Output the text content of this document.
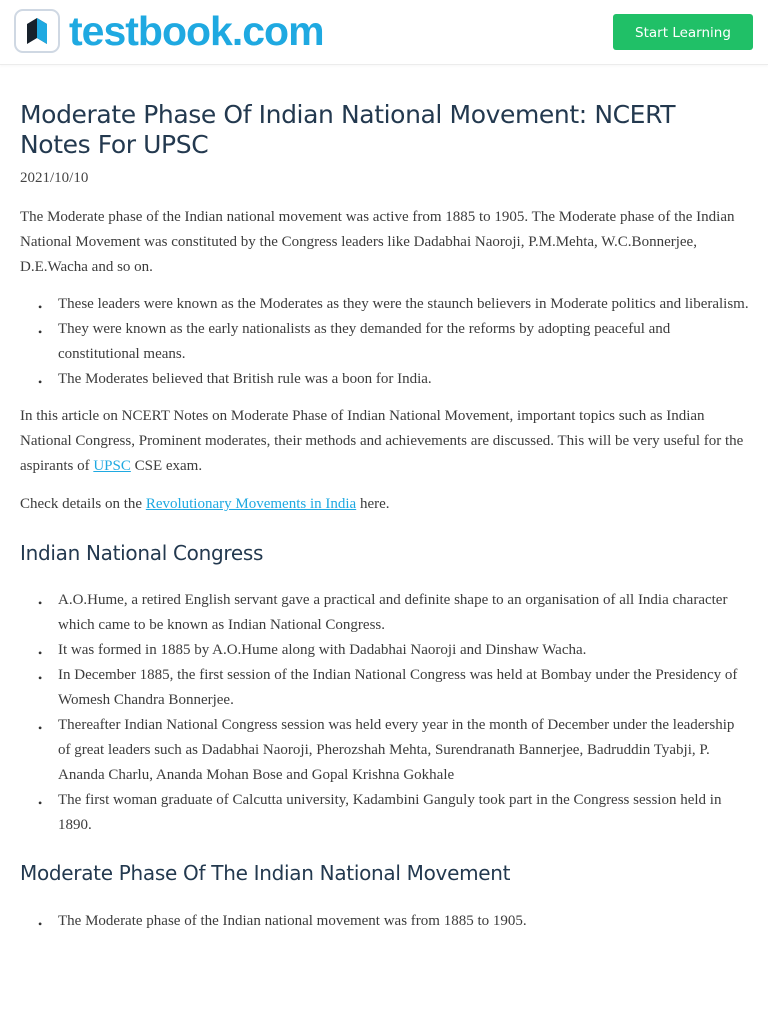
testbook.com	Start Learning
Moderate Phase Of Indian National Movement: NCERT Notes For UPSC
2021/10/10

The Moderate phase of the Indian national movement was active from 1885 to 1905. The Moderate phase of the Indian National Movement was constituted by the Congress leaders like Dadabhai Naoroji, P.M.Mehta, W.C.Bonnerjee, D.E.Wacha and so on.

• These leaders were known as the Moderates as they were the staunch believers in Moderate politics and liberalism.
• They were known as the early nationalists as they demanded for the reforms by adopting peaceful and constitutional means.
• The Moderates believed that British rule was a boon for India.

In this article on NCERT Notes on Moderate Phase of Indian National Movement, important topics such as Indian National Congress, Prominent moderates, their methods and achievements are discussed. This will be very useful for the aspirants of UPSC CSE exam.

Check details on the Revolutionary Movements in India here.

Indian National Congress
• A.O.Hume, a retired English servant gave a practical and definite shape to an organisation of all India character which came to be known as Indian National Congress.
• It was formed in 1885 by A.O.Hume along with Dadabhai Naoroji and Dinshaw Wacha.
• In December 1885, the first session of the Indian National Congress was held at Bombay under the Presidency of Womesh Chandra Bonnerjee.
• Thereafter Indian National Congress session was held every year in the month of December under the leadership of great leaders such as Dadabhai Naoroji, Pherozshah Mehta, Surendranath Bannerjee, Badruddin Tyabji, P. Ananda Charlu, Ananda Mohan Bose and Gopal Krishna Gokhale
• The first woman graduate of Calcutta university, Kadambini Ganguly took part in the Congress session held in 1890.
Moderate Phase Of The Indian National Movement
• The Moderate phase of the Indian national movement was from 1885 to 1905.
